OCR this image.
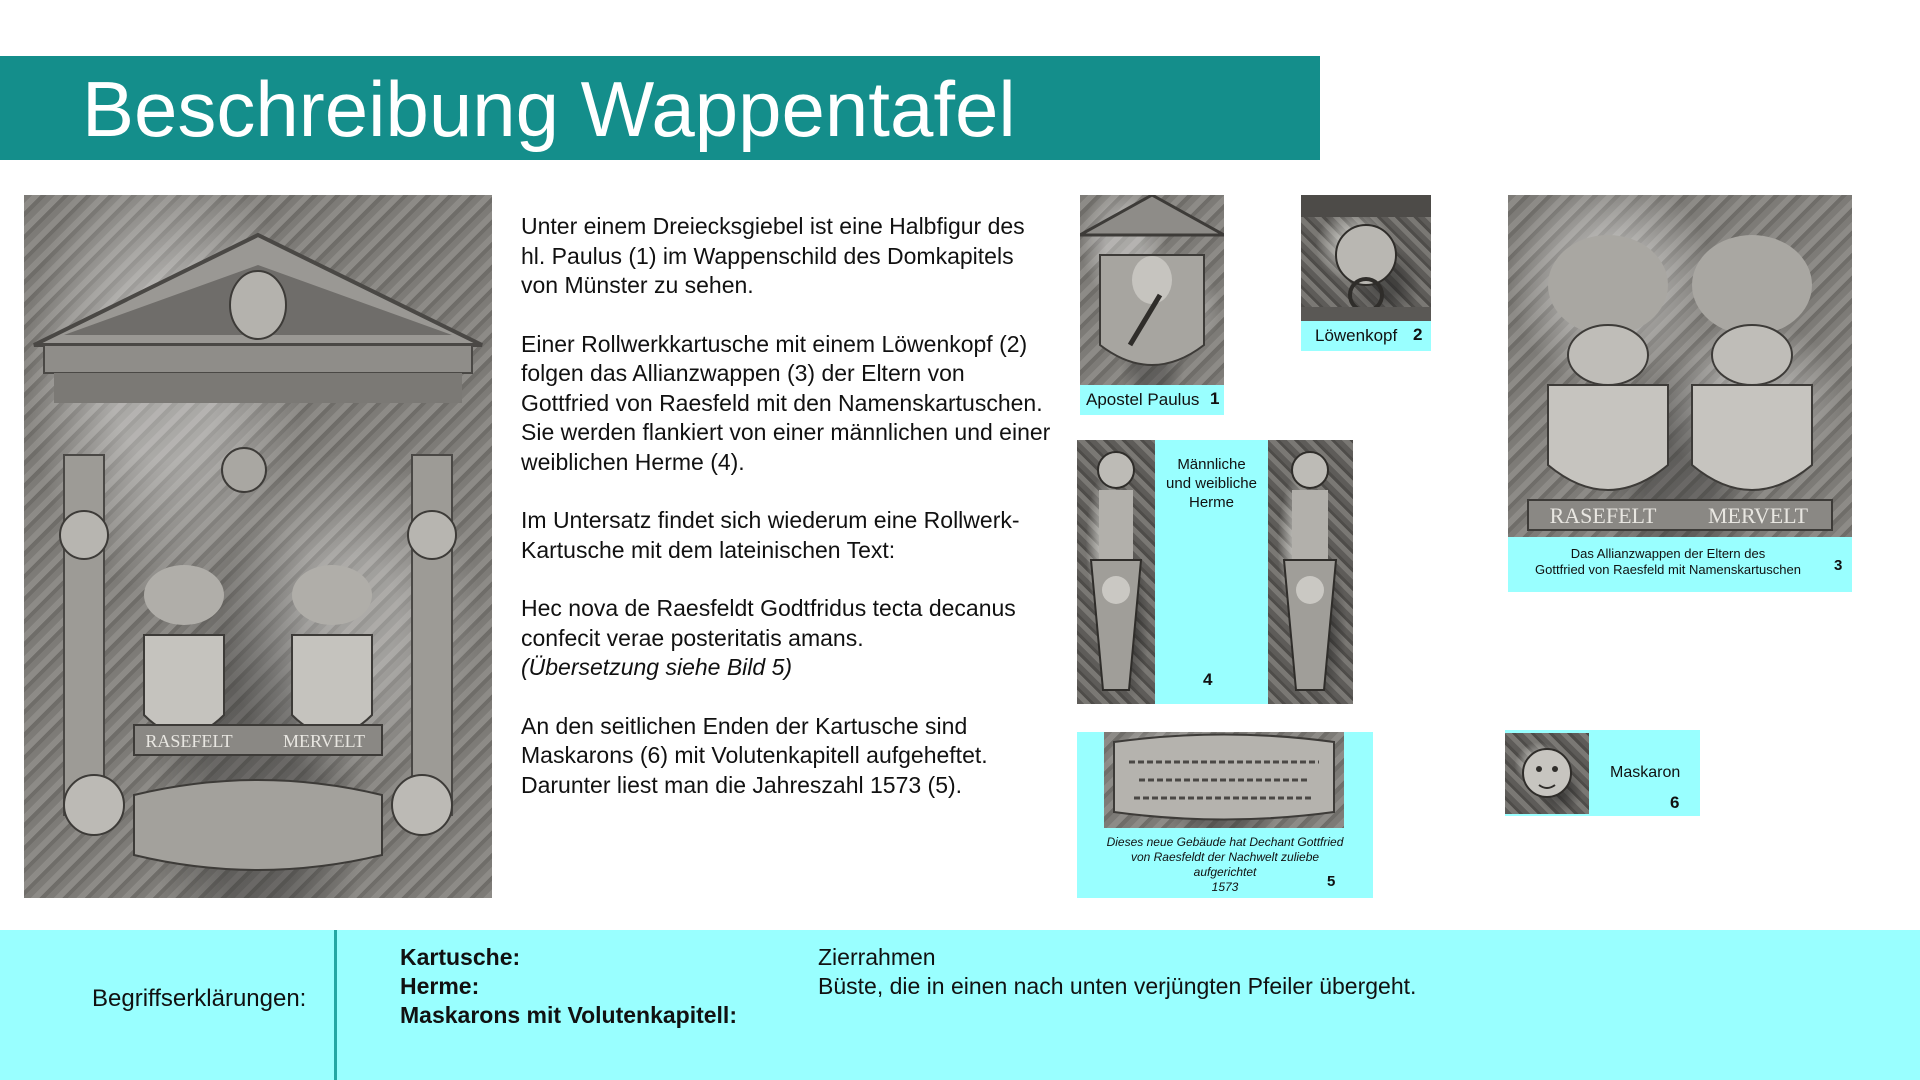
Beschreibung Wappentafel
RASEFELT	MERVELT

Unter einem Dreiecksgiebel ist eine Halbfigur des hl. Paulus (1) im Wappenschild des Domkapitels von Münster zu sehen.

Einer Rollwerkkartusche mit einem Löwenkopf (2) folgen das Allianzwappen (3) der Eltern von Gottfried von Raesfeld mit den Namenskartuschen. Sie werden flankiert von einer männlichen und einer weiblichen Herme (4).

Im Untersatz findet sich wiederum eine Rollwerk-Kartusche mit dem lateinischen Text:

Hec nova de Raesfeldt Godtfridus tecta decanus confecit verae posteritatis amans.
(Übersetzung siehe Bild 5)

An den seitlichen Enden der Kartusche sind Maskarons (6) mit Volutenkapitell aufgeheftet. Darunter liest man die Jahreszahl 1573 (5).

Apostel Paulus 1
Löwenkopf 2
RASEFELT MERVELT
Das Allianzwappen der Eltern des
Gottfried von Raesfeld mit Namenskartuschen	3
Männliche
und weibliche
Herme
4
Dieses neue Gebäude hat Dechant Gottfried
von Raesfeldt der Nachwelt zuliebe
aufgerichtet
1573	5
Maskaron
6
Begriffserklärungen:
Kartusche:	Zierrahmen
Herme:	Büste, die in einen nach unten verjüngten Pfeiler übergeht.
Maskarons mit Volutenkapitell:
